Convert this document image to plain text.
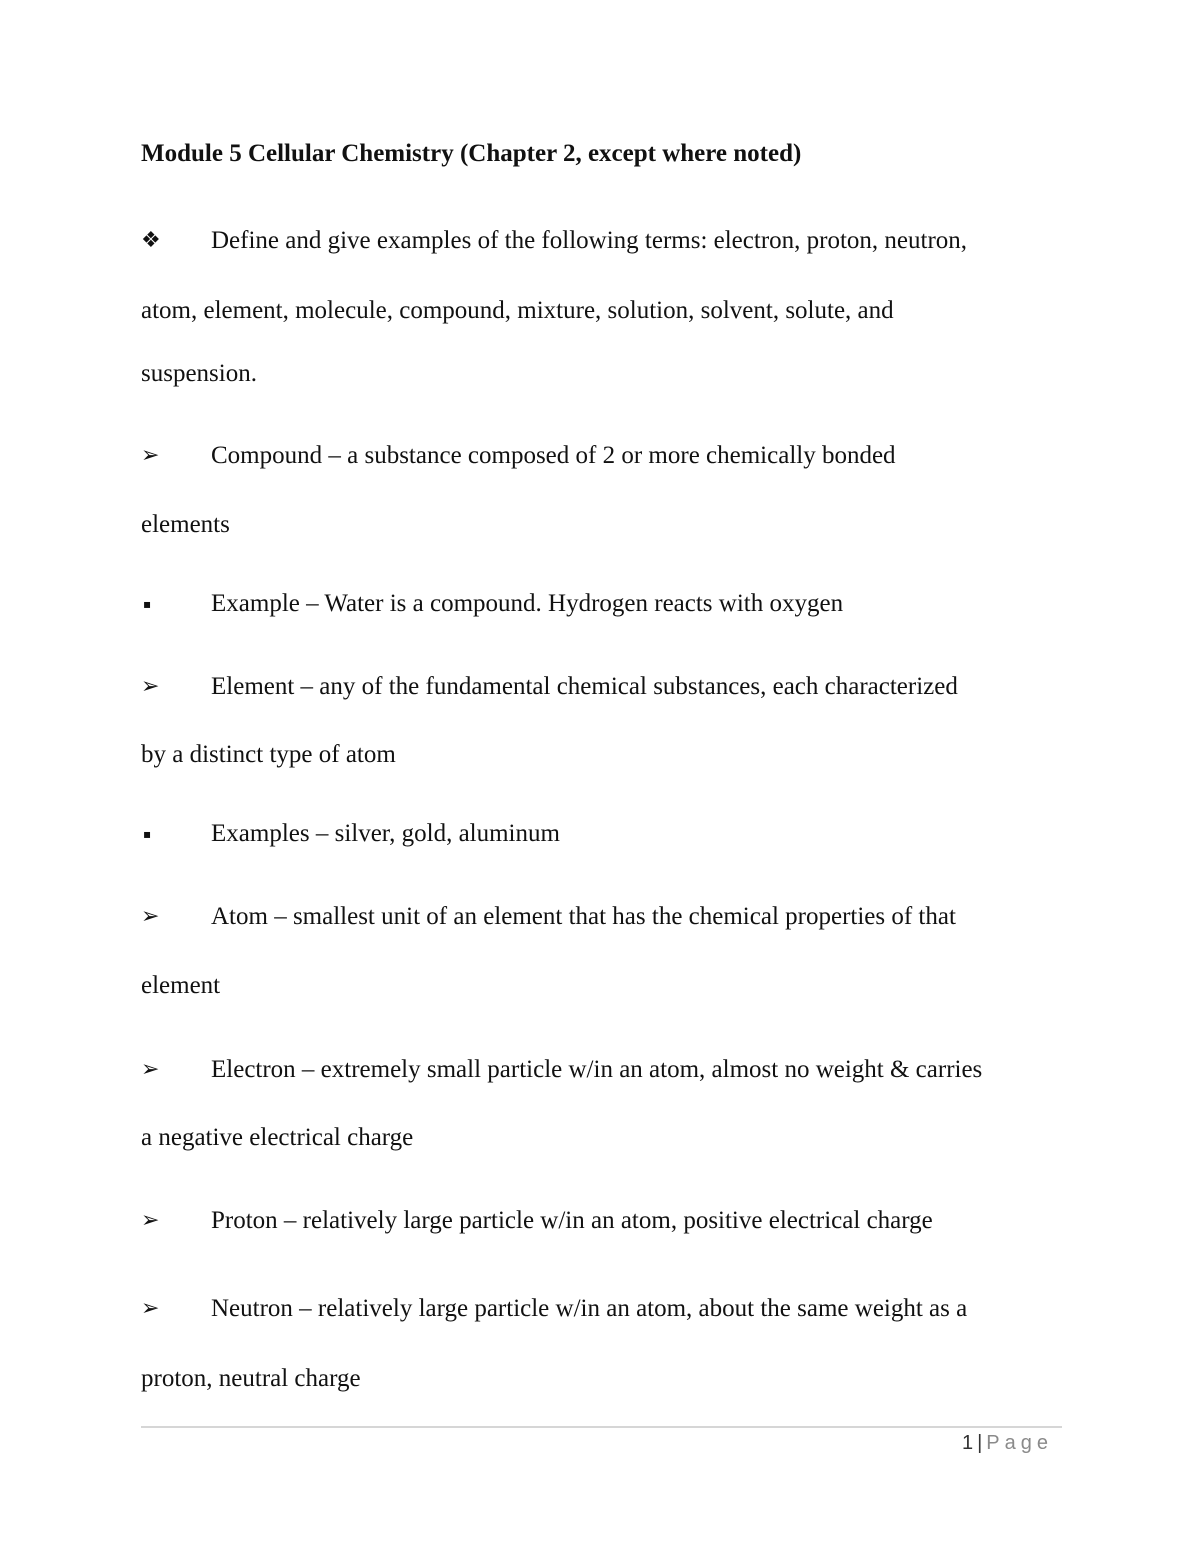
Module 5 Cellular Chemistry (Chapter 2, except where noted)
❖	Define and give examples of the following terms: electron, proton, neutron,
atom, element, molecule, compound, mixture, solution, solvent, solute, and
suspension.
➢	Compound – a substance composed of 2 or more chemically bonded
elements
▪	Example – Water is a compound. Hydrogen reacts with oxygen
➢	Element – any of the fundamental chemical substances, each characterized
by a distinct type of atom
▪	Examples – silver, gold, aluminum
➢	Atom – smallest unit of an element that has the chemical properties of that
element
➢	Electron – extremely small particle w/in an atom, almost no weight & carries
a negative electrical charge
➢	Proton – relatively large particle w/in an atom, positive electrical charge
➢	Neutron – relatively large particle w/in an atom, about the same weight as a
proton, neutral charge
1 | Page
